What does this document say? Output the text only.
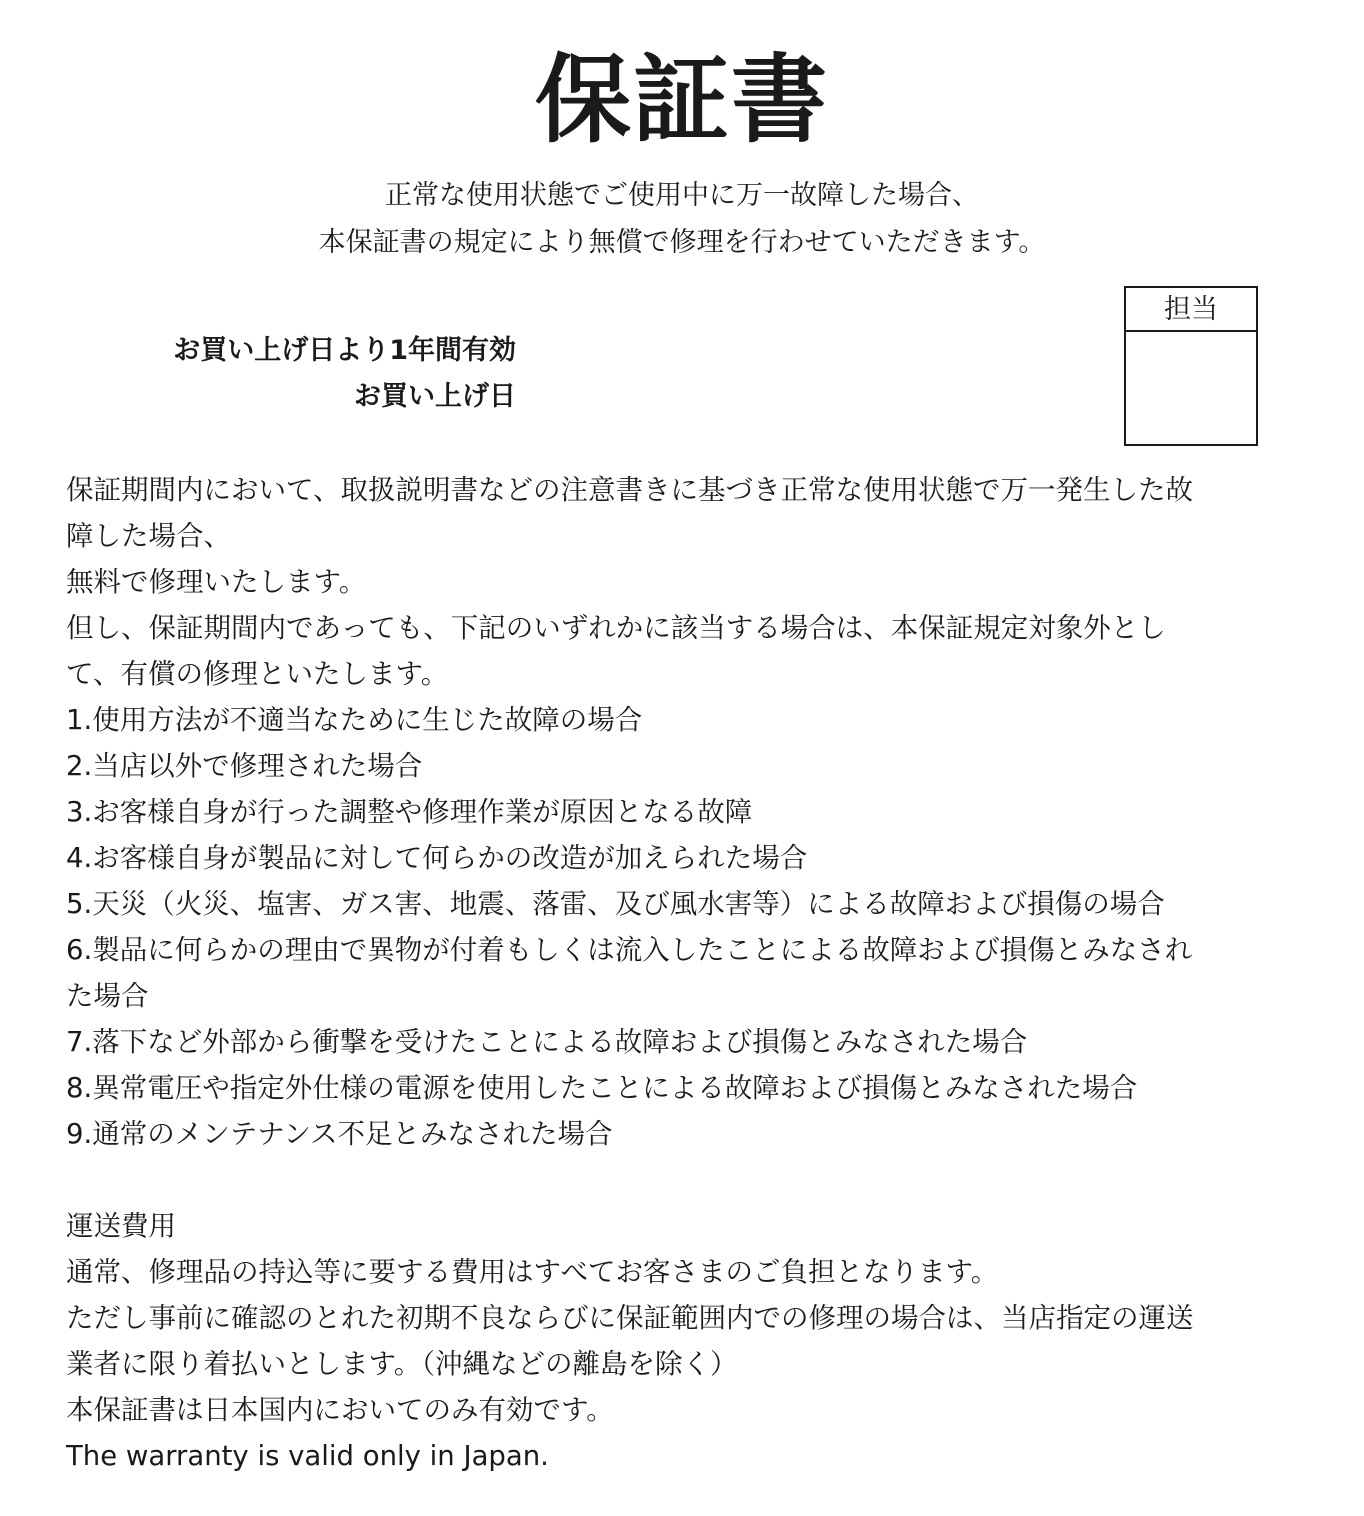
保証書
正常な使用状態でご使用中に万一故障した場合、
本保証書の規定により無償で修理を行わせていただきます。
お買い上げ日より1年間有効
お買い上げ日
担当
保証期間内において、取扱説明書などの注意書きに基づき正常な使用状態で万一発生した故
障した場合、
無料で修理いたします。
但し、保証期間内であっても、下記のいずれかに該当する場合は、本保証規定対象外とし
て、有償の修理といたします。
1.使用方法が不適当なために生じた故障の場合
2.当店以外で修理された場合
3.お客様自身が行った調整や修理作業が原因となる故障
4.お客様自身が製品に対して何らかの改造が加えられた場合
5.天災（火災、塩害、ガス害、地震、落雷、及び風水害等）による故障および損傷の場合
6.製品に何らかの理由で異物が付着もしくは流入したことによる故障および損傷とみなされ
た場合
7.落下など外部から衝撃を受けたことによる故障および損傷とみなされた場合
8.異常電圧や指定外仕様の電源を使用したことによる故障および損傷とみなされた場合
9.通常のメンテナンス不足とみなされた場合
運送費用
通常、修理品の持込等に要する費用はすべてお客さまのご負担となります。
ただし事前に確認のとれた初期不良ならびに保証範囲内での修理の場合は、当店指定の運送
業者に限り着払いとします。（沖縄などの離島を除く）
本保証書は日本国内においてのみ有効です。
The warranty is valid only in Japan.
